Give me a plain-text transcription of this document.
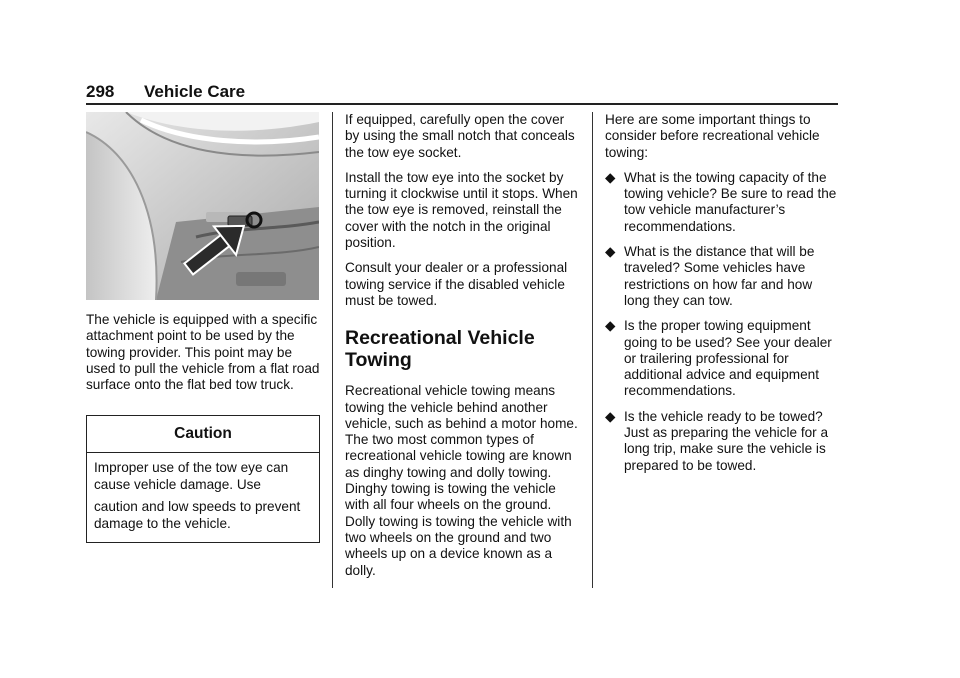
298 Vehicle Care
The vehicle is equipped with a specific attachment point to be used by the towing provider. This point may be used to pull the vehicle from a flat road surface onto the flat bed tow truck.
Caution
Improper use of the tow eye can cause vehicle damage. Use
caution and low speeds to prevent damage to the vehicle.
If equipped, carefully open the cover by using the small notch that conceals the tow eye socket.
Install the tow eye into the socket by turning it clockwise until it stops. When the tow eye is removed, reinstall the cover with the notch in the original position.
Consult your dealer or a professional towing service if the disabled vehicle must be towed.
Recreational Vehicle Towing
Recreational vehicle towing means towing the vehicle behind another vehicle, such as behind a motor home. The two most common types of recreational vehicle towing are known as dinghy towing and dolly towing. Dinghy towing is towing the vehicle with all four wheels on the ground. Dolly towing is towing the vehicle with two wheels on the ground and two wheels up on a device known as a dolly.
Here are some important things to consider before recreational vehicle towing:
◆ What is the towing capacity of the towing vehicle? Be sure to read the tow vehicle manufacturer’s recommendations.
◆ What is the distance that will be traveled? Some vehicles have restrictions on how far and how long they can tow.
◆ Is the proper towing equipment going to be used? See your dealer or trailering professional for additional advice and equipment recommendations.
◆ Is the vehicle ready to be towed? Just as preparing the vehicle for a long trip, make sure the vehicle is prepared to be towed.
